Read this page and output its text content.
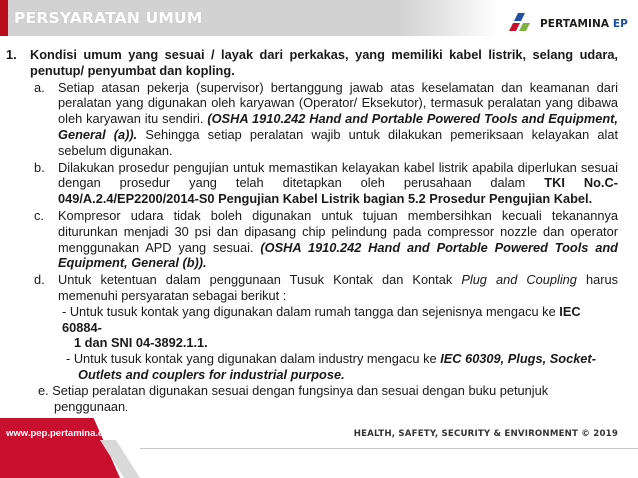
PERSYARATAN UMUM	PERTAMINA EP
1.	Kondisi umum yang sesuai / layak dari perkakas, yang memiliki kabel listrik, selang udara, penutup/ penyumbat dan kopling.
a.	Setiap atasan pekerja (supervisor) bertanggung jawab atas keselamatan dan keamanan dari peralatan yang digunakan oleh karyawan (Operator/ Eksekutor), termasuk peralatan yang dibawa oleh karyawan itu sendiri. (OSHA 1910.242 Hand and Portable Powered Tools and Equipment, General (a)). Sehingga setiap peralatan wajib untuk dilakukan pemeriksaan kelayakan alat sebelum digunakan.
b.	Dilakukan prosedur pengujian untuk memastikan kelayakan kabel listrik apabila diperlukan sesuai dengan prosedur yang telah ditetapkan oleh perusahaan dalam TKI No.C-049/A.2.4/EP2200/2014-S0 Pengujian Kabel Listrik bagian 5.2 Prosedur Pengujian Kabel.
c.	Kompresor udara tidak boleh digunakan untuk tujuan membersihkan kecuali tekanannya diturunkan menjadi 30 psi dan dipasang chip pelindung pada compressor nozzle dan operator menggunakan APD yang sesuai. (OSHA 1910.242 Hand and Portable Powered Tools and Equipment, General (b)).
d.	Untuk ketentuan dalam penggunaan Tusuk Kontak dan Kontak Plug and Coupling harus memenuhi persyaratan sebagai berikut :
- Untuk tusuk kontak yang digunakan dalam rumah tangga dan sejenisnya mengacu ke IEC 60884-
1 dan SNI 04-3892.1.1.
- Untuk tusuk kontak yang digunakan dalam industry mengacu ke IEC 60309, Plugs, Socket-
Outlets and couplers for industrial purpose.
e. Setiap peralatan digunakan sesuai dengan fungsinya dan sesuai dengan buku petunjuk
penggunaan.
www.pep.pertamina.com	HEALTH, SAFETY, SECURITY & ENVIRONMENT © 2019
